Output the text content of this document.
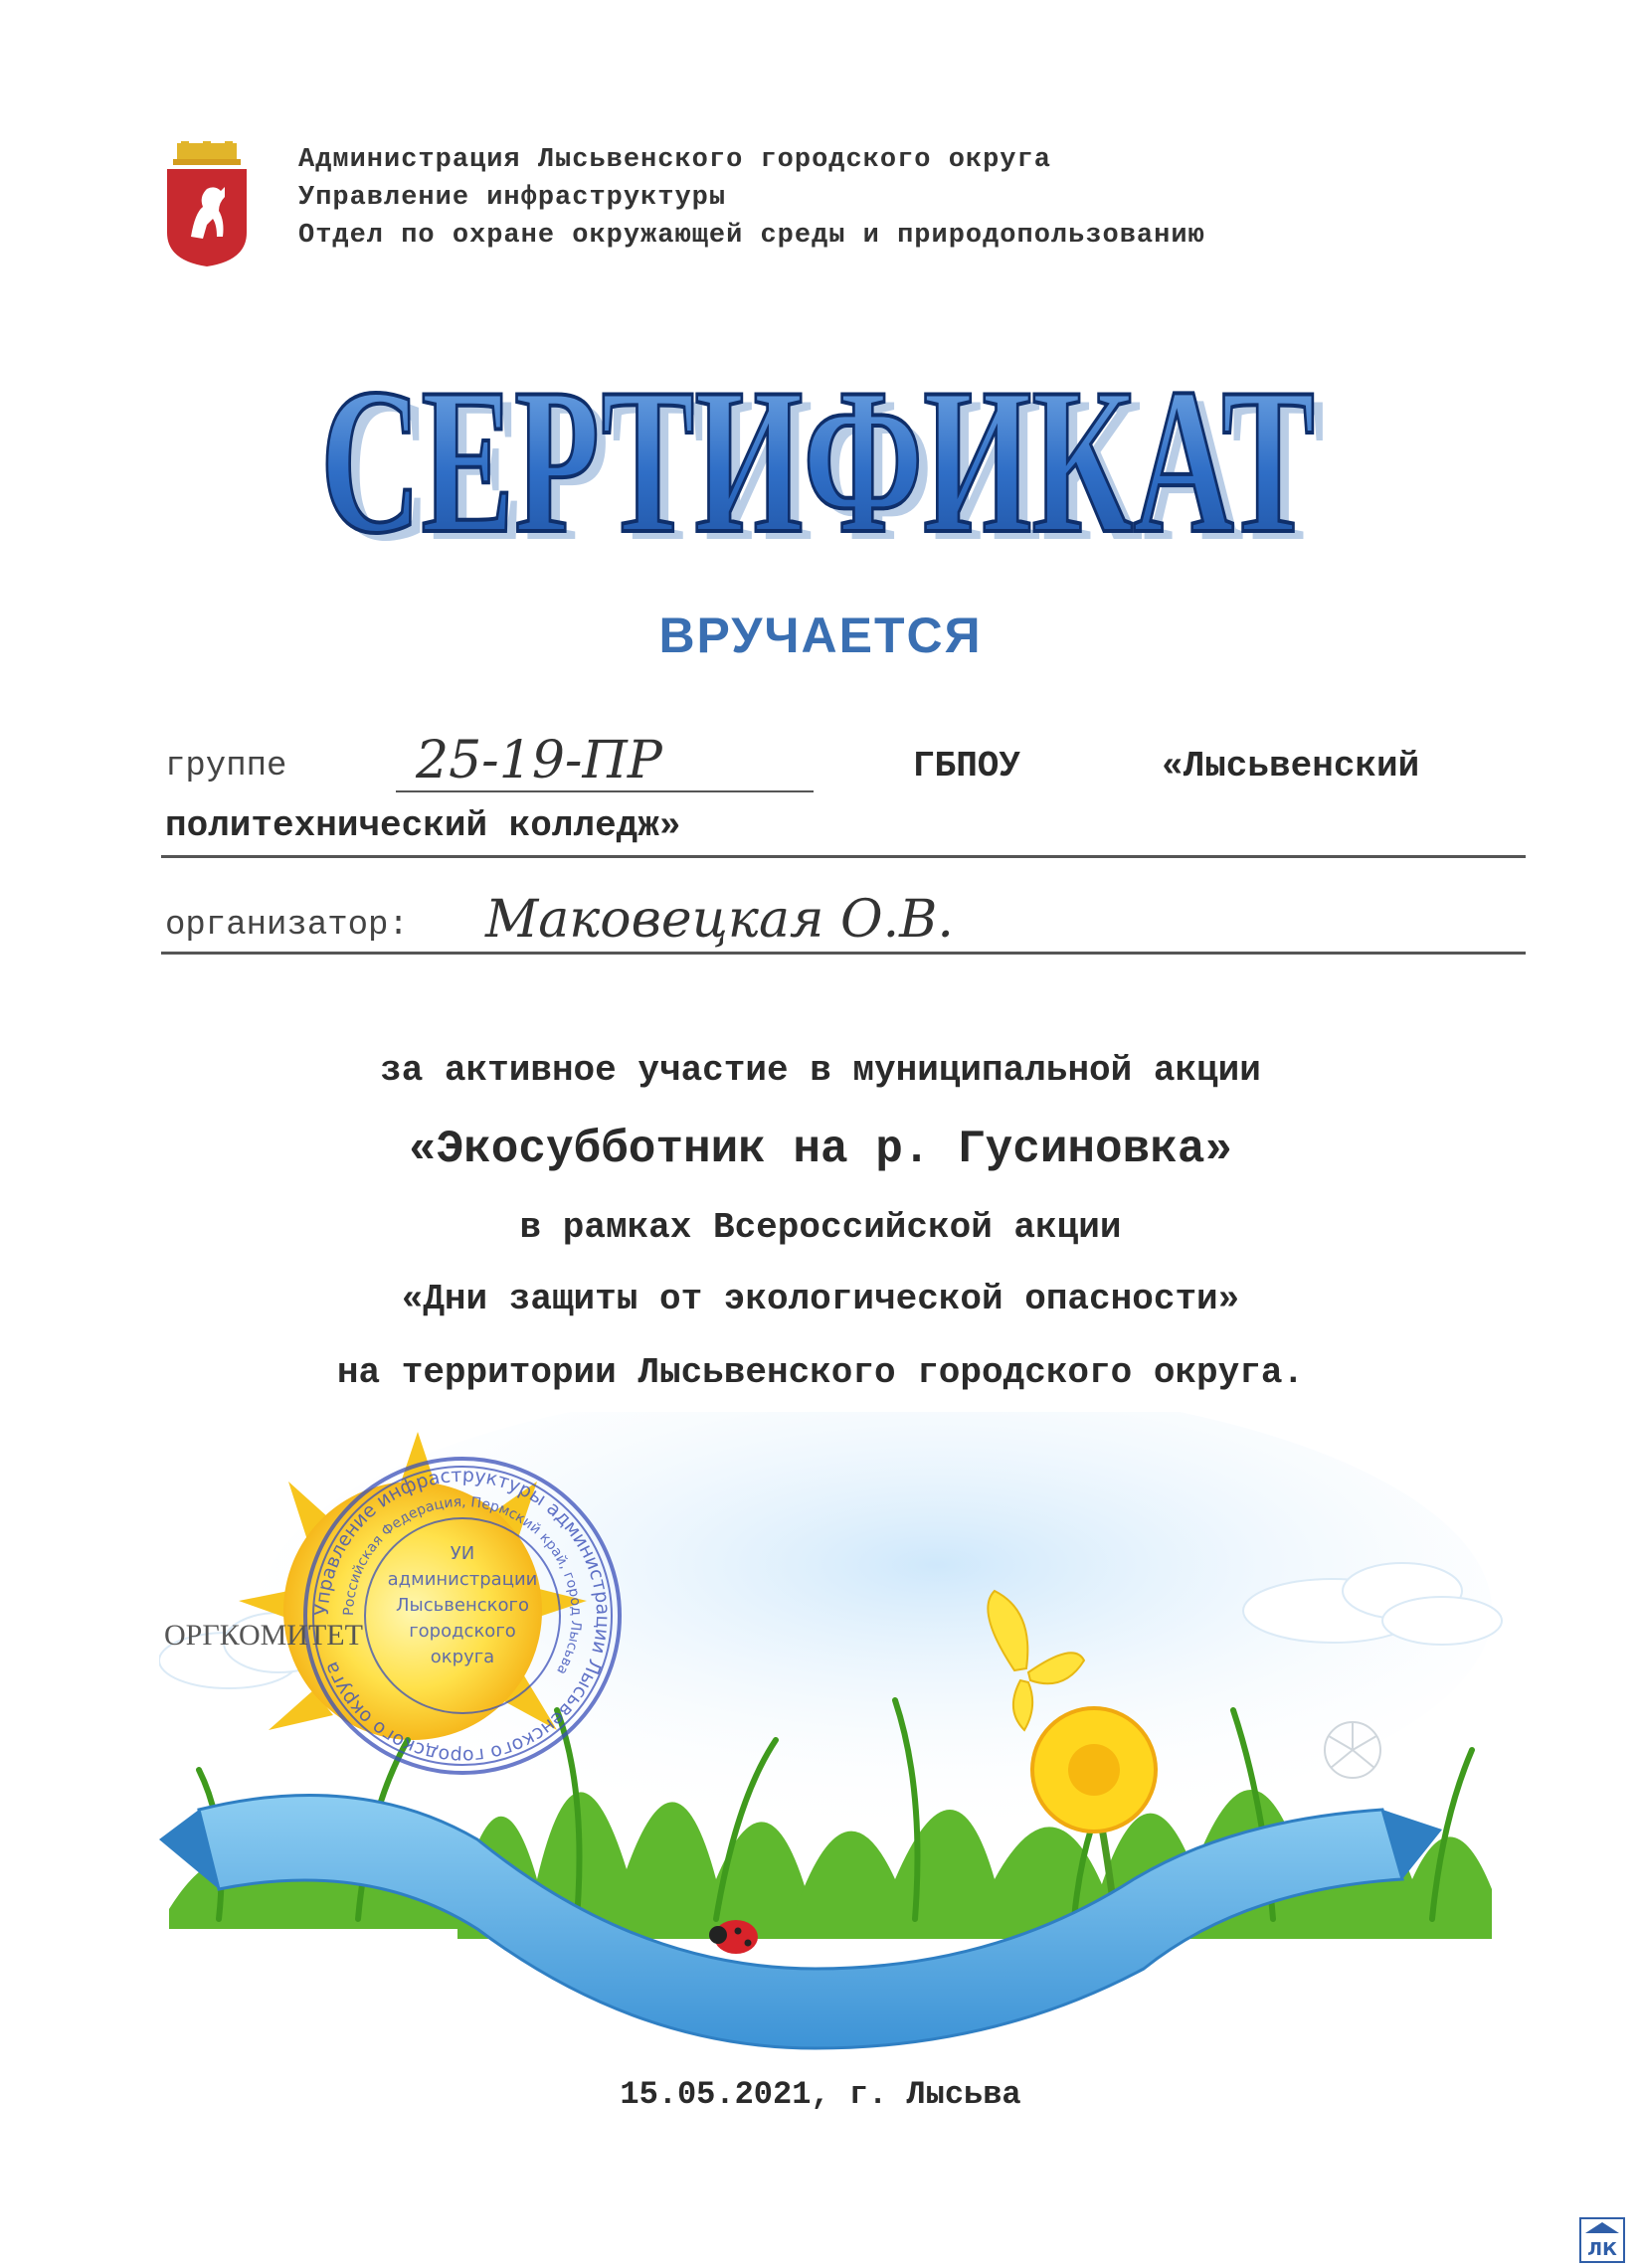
Администрация Лысьвенского городского округа
Управление инфраструктуры
Отдел по охране окружающей среды и природопользованию
СЕРТИФИКАТ
СЕРТИФИКАТ
ВРУЧАЕТСЯ
группе 25-19-ПР	ГБПОУ	«Лысьвенский
политехнический колледж»
организатор: Маковецкая О.В.
за активное участие в муниципальной акции
«Экосубботник на р. Гусиновка»
в рамках Всероссийской акции
«Дни защиты от экологической опасности»
на территории Лысьвенского городского округа.
Управление инфраструктуры администрации Лысьвенского городского округа
Российская Федерация, Пермский край, город Лысьва
УИ
администрации
Лысьвенского
городского
округа
ОРГКОМИТЕТ
15.05.2021, г. Лысьва
ЛК
